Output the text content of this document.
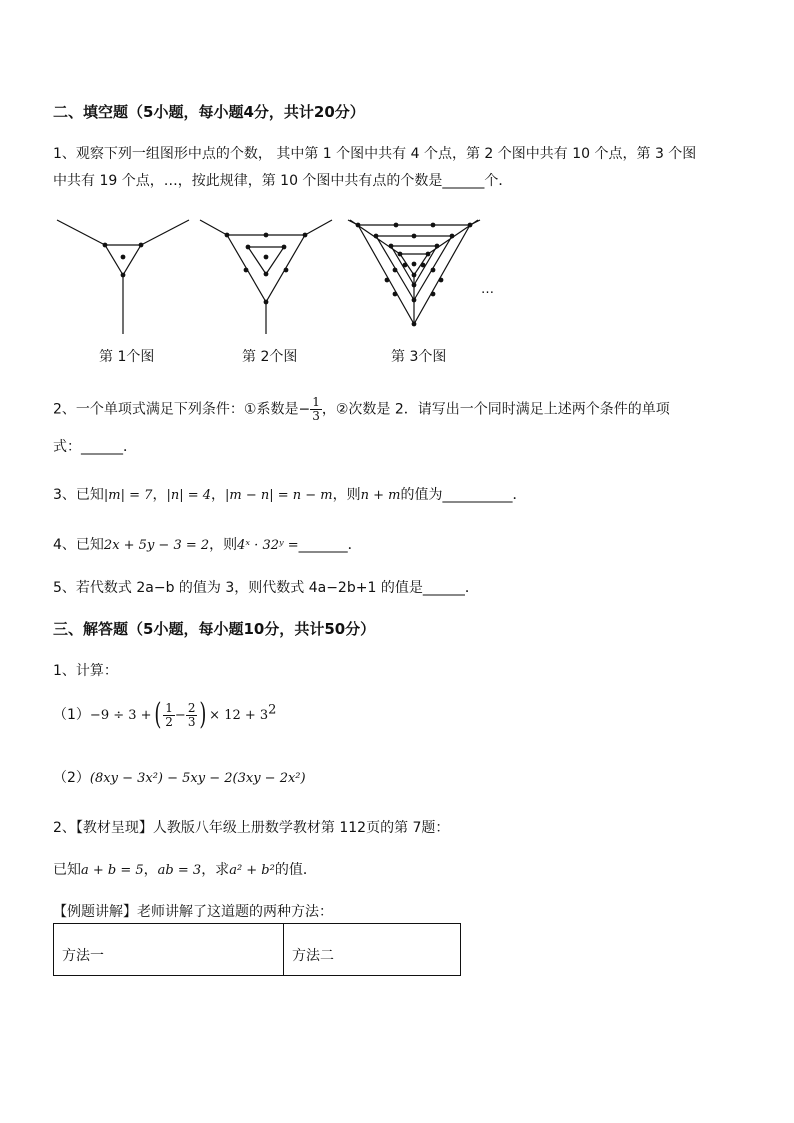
二、填空题（5小题，每小题4分，共计20分）
1、观察下列一组图形中点的个数， 其中第 1 个图中共有 4 个点，第 2 个图中共有 10 个点，第 3 个图
中共有 19 个点，…，按此规律，第 10 个图中共有点的个数是______个．
…
第 1个图	第 2个图	第 3个图
2、一个单项式满足下列条件：①系数是− $\frac{1}{3}$ ，②次数是 2．请写出一个同时满足上述两个条件的单项
式：______．
3、已知|m| = 7，|n| = 4，|m − n| = n − m，则n + m的值为__________．
4、已知2x + 5y − 3 = 2，则4ˣ · 32ʸ =_______．
5、若代数式 2a−b 的值为 3，则代数式 4a−2b+1 的值是______．
三、解答题（5小题，每小题10分，共计50分）
1、计算：
（1）−9 ÷ 3 +( $\frac{1}{2} - \frac{2}{3}$ ) × $12 + 3^2$
（2）(8xy − 3x²) − 5xy − 2(3xy − 2x²)
2、【教材呈现】人教版八年级上册数学教材第 112页的第 7题：
已知a + b = 5，ab = 3，求a² + b²的值．
【例题讲解】老师讲解了这道题的两种方法：
方法一	方法二
